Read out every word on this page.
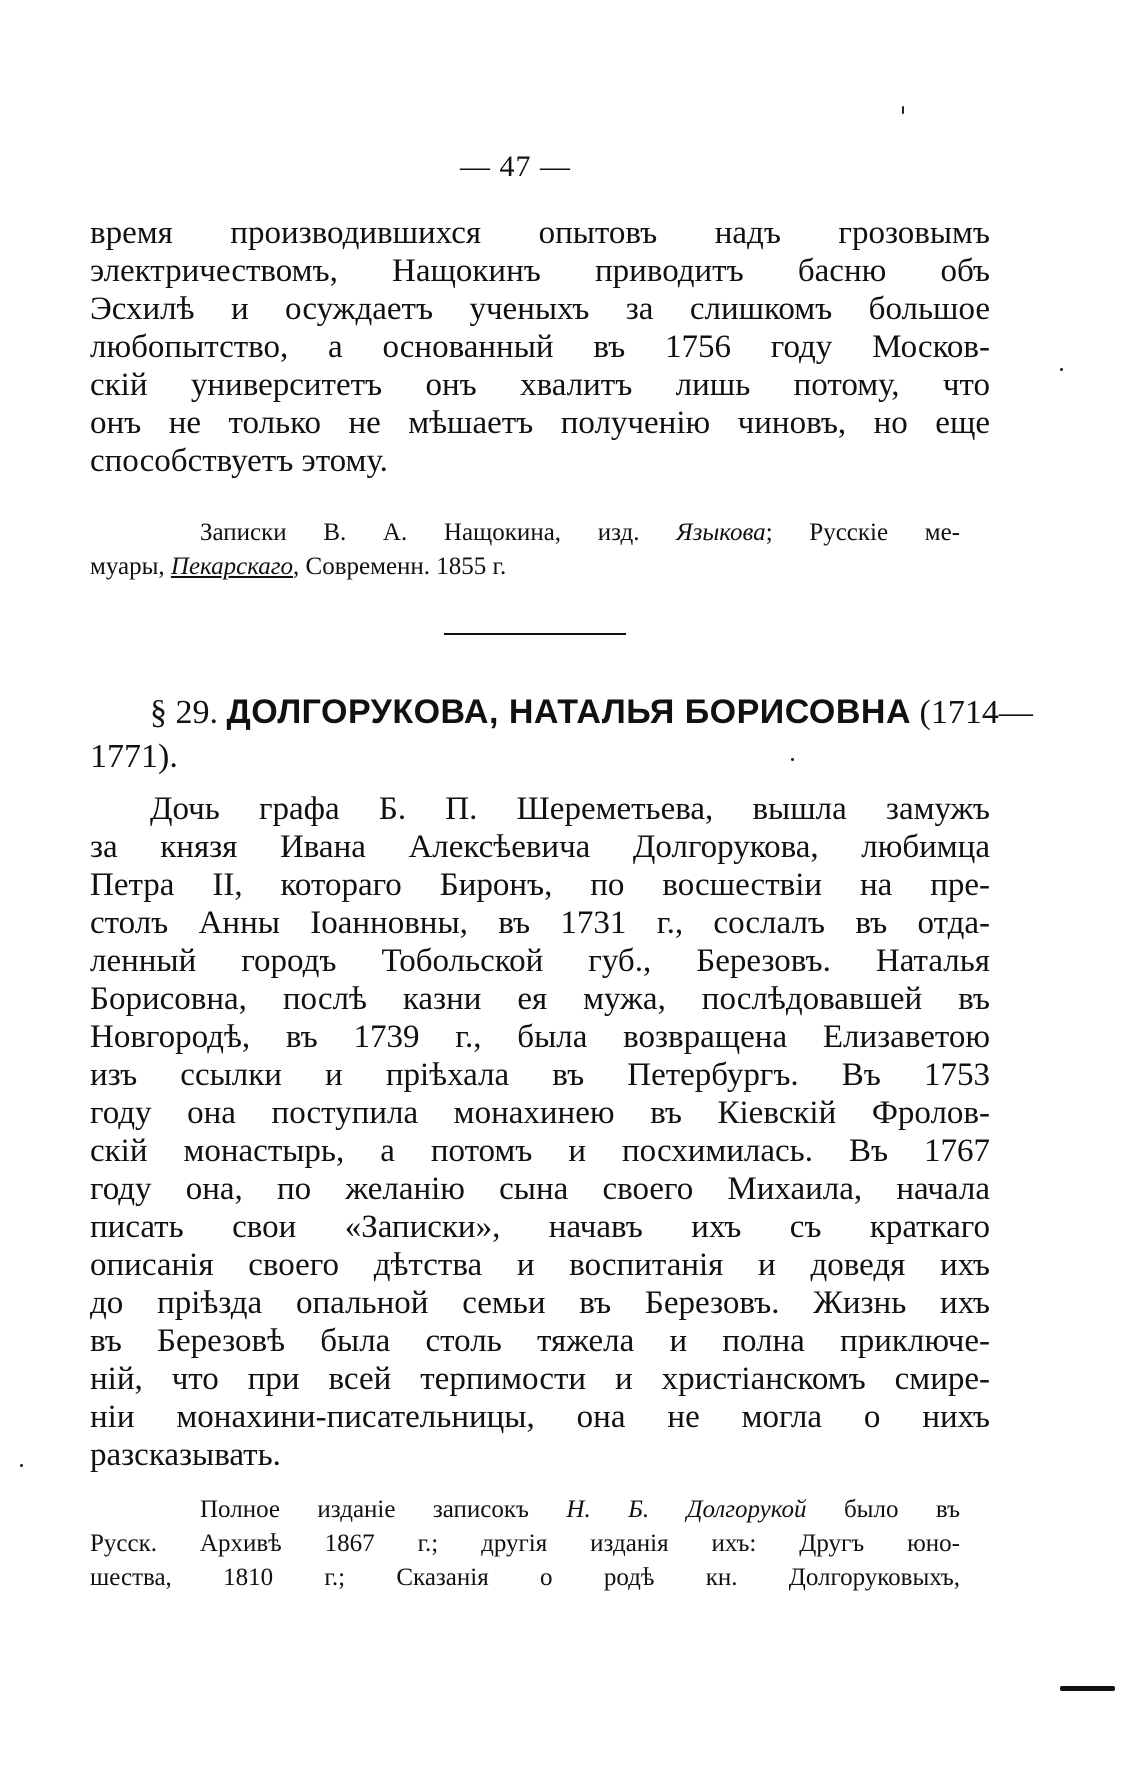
— 47 —
время производившихся опытовъ надъ грозовымъ
электричествомъ, Нащокинъ приводитъ басню объ
Эсхилѣ и осуждаетъ ученыхъ за слишкомъ большое
любопытство, а основанный въ 1756 году Москов-
скій университетъ онъ хвалитъ лишь потому, что
онъ не только не мѣшаетъ полученію чиновъ, но еще
способствуетъ этому.
Записки В. А. Нащокина, изд. Языкова; Русскіе ме-
муары, Пекарскаго, Современн. 1855 г.
§ 29. ДОЛГОРУКОВА, НАТАЛЬЯ БОРИСОВНА (1714—
1771).
Дочь графа Б. П. Шереметьева, вышла замужъ
за князя Ивана Алексѣевича Долгорукова, любимца
Петра II, котораго Биронъ, по восшествіи на пре-
столъ Анны Іоанновны, въ 1731 г., сослалъ въ отда-
ленный городъ Тобольской губ., Березовъ. Наталья
Борисовна, послѣ казни ея мужа, послѣдовавшей въ
Новгородѣ, въ 1739 г., была возвращена Елизаветою
изъ ссылки и пріѣхала въ Петербургъ. Въ 1753
году она поступила монахинею въ Кіевскій Фролов-
скій монастырь, а потомъ и посхимилась. Въ 1767
году она, по желанію сына своего Михаила, начала
писать свои «Записки», начавъ ихъ съ краткаго
описанія своего дѣтства и воспитанія и доведя ихъ
до пріѣзда опальной семьи въ Березовъ. Жизнь ихъ
въ Березовѣ была столь тяжела и полна приключе-
ній, что при всей терпимости и христіанскомъ смире-
ніи монахини-писательницы, она не могла о нихъ
разсказывать.
Полное изданіе записокъ Н. Б. Долгорукой было въ
Русск. Архивѣ 1867 г.; другія изданія ихъ: Другъ юно-
шества, 1810 г.; Сказанія о родѣ кн. Долгоруковыхъ,
